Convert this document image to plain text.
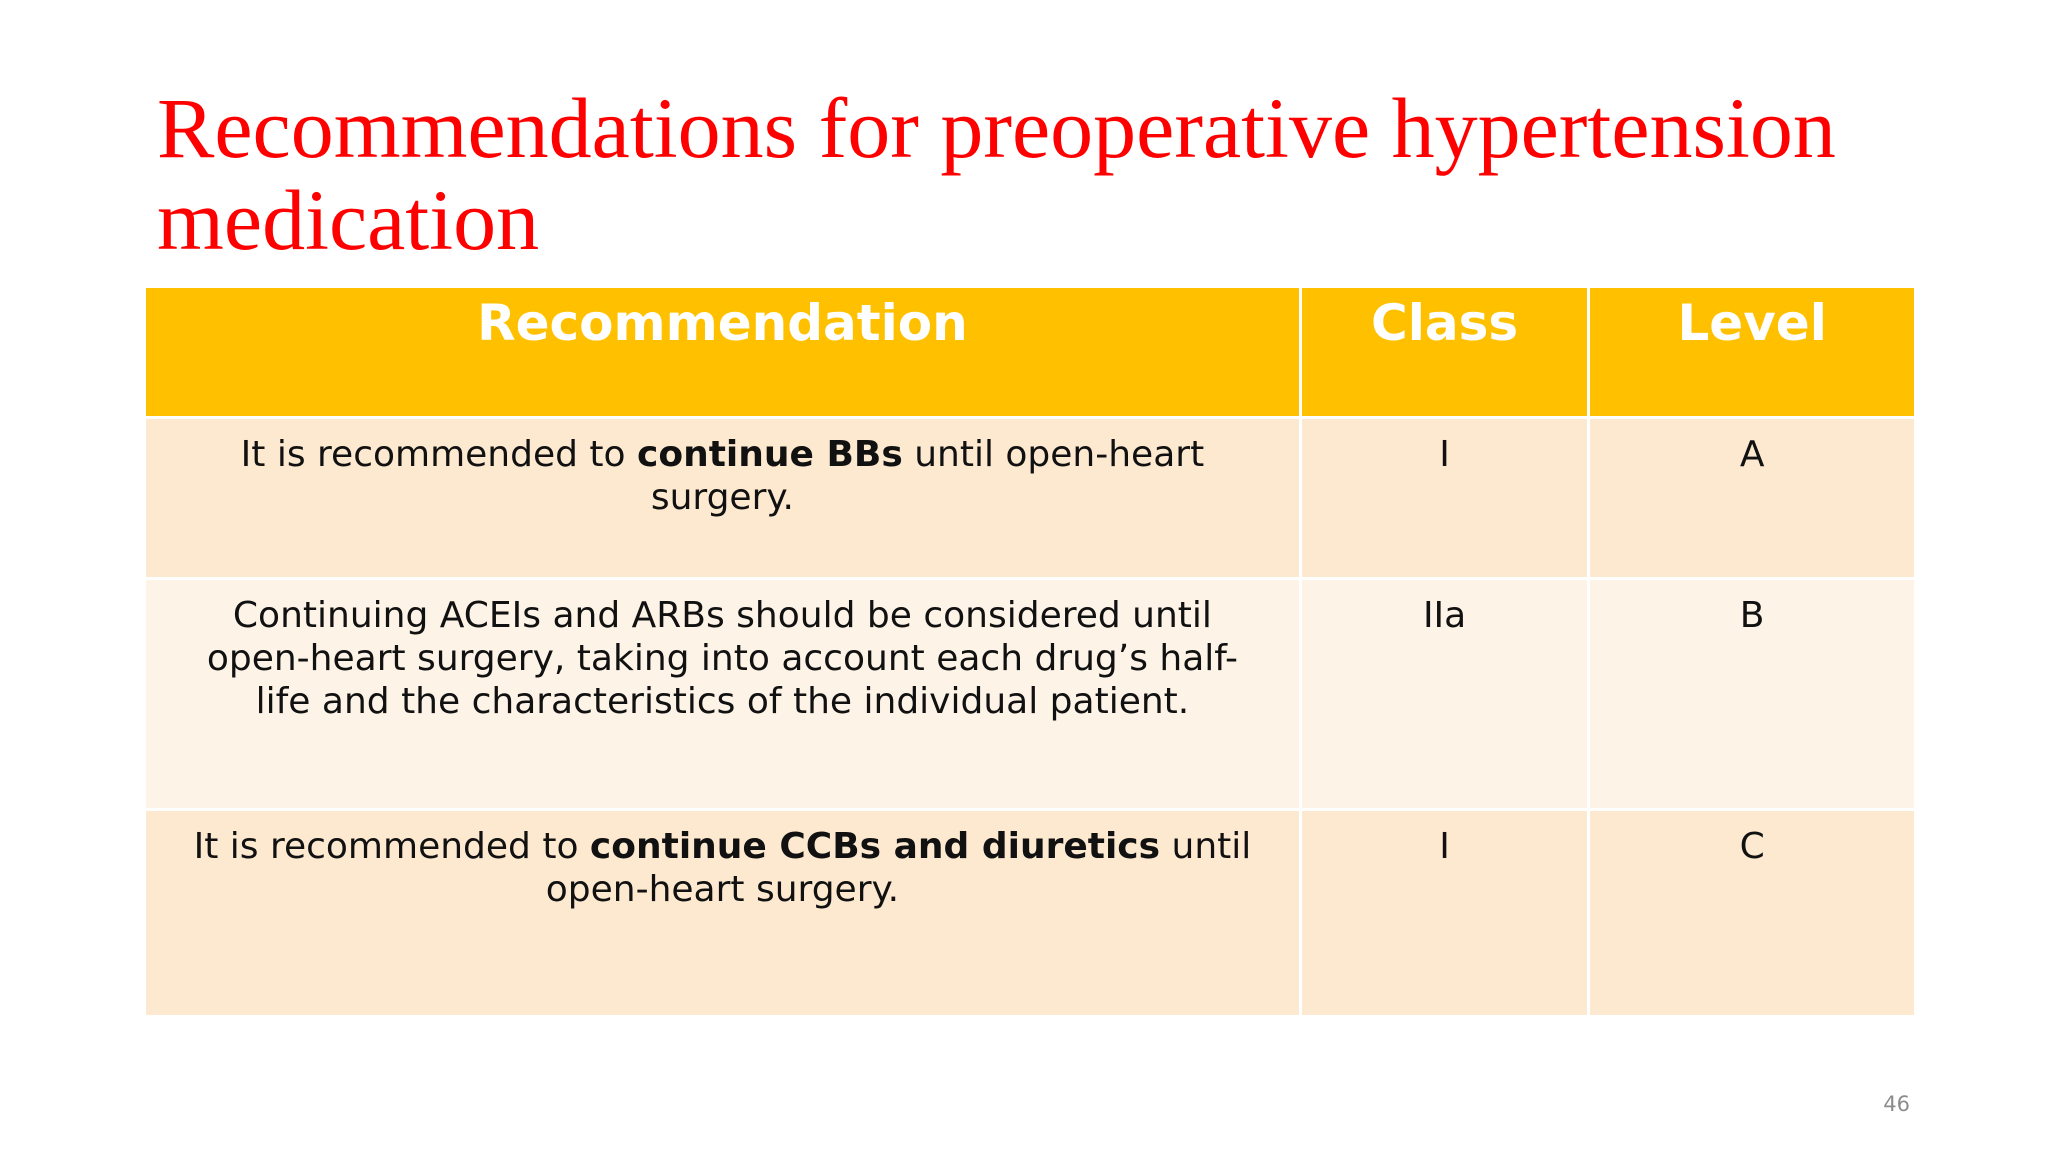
Recommendations for preoperative hypertension medication
Recommendation	Class	Level
It is recommended to continue BBs until open-heart surgery.	I	A
Continuing ACEIs and ARBs should be considered until open-heart surgery, taking into account each drug’s half-life and the characteristics of the individual patient.	IIa	B
It is recommended to continue CCBs and diuretics until open-heart surgery.	I	C
46
